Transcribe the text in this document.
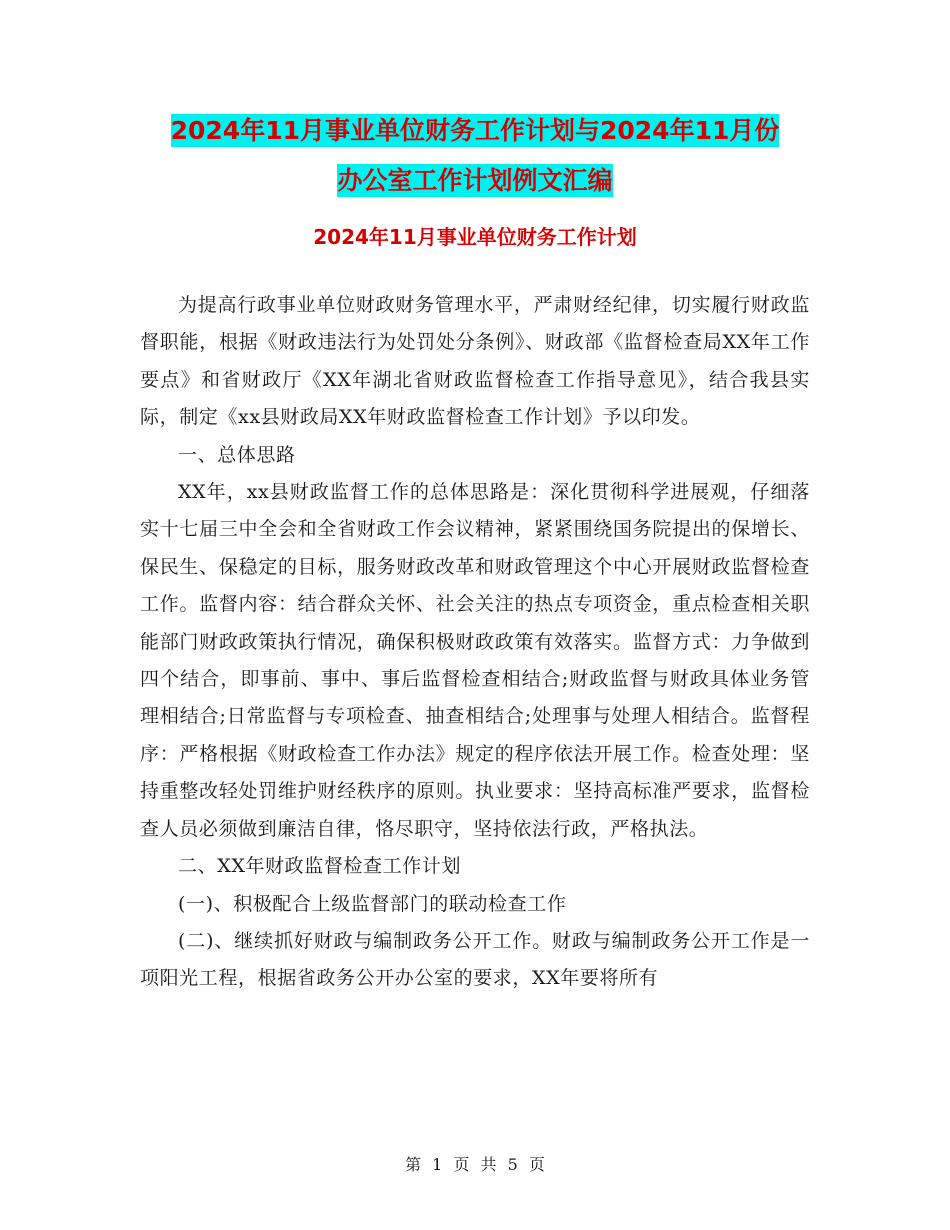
2024年11月事业单位财务工作计划与2024年11月份
办公室工作计划例文汇编
2024年11月事业单位财务工作计划

为提高行政事业单位财政财务管理水平，严肃财经纪律，切实履行财政监督职能，根据《财政违法行为处罚处分条例》、财政部《监督检查局XX年工作要点》和省财政厅《XX年湖北省财政监督检查工作指导意见》，结合我县实际，制定《xx县财政局XX年财政监督检查工作计划》予以印发。

一、总体思路

XX年，xx县财政监督工作的总体思路是：深化贯彻科学进展观，仔细落实十七届三中全会和全省财政工作会议精神，紧紧围绕国务院提出的保增长、保民生、保稳定的目标，服务财政改革和财政管理这个中心开展财政监督检查工作。监督内容：结合群众关怀、社会关注的热点专项资金，重点检查相关职能部门财政政策执行情况，确保积极财政政策有效落实。监督方式：力争做到四个结合，即事前、事中、事后监督检查相结合;财政监督与财政具体业务管理相结合;日常监督与专项检查、抽查相结合;处理事与处理人相结合。监督程序：严格根据《财政检查工作办法》规定的程序依法开展工作。检查处理：坚持重整改轻处罚维护财经秩序的原则。执业要求：坚持高标准严要求，监督检查人员必须做到廉洁自律，恪尽职守，坚持依法行政，严格执法。

二、XX年财政监督检查工作计划

(一)、积极配合上级监督部门的联动检查工作

(二)、继续抓好财政与编制政务公开工作。财政与编制政务公开工作是一项阳光工程，根据省政务公开办公室的要求，XX年要将所有

第 1 页 共 5 页
